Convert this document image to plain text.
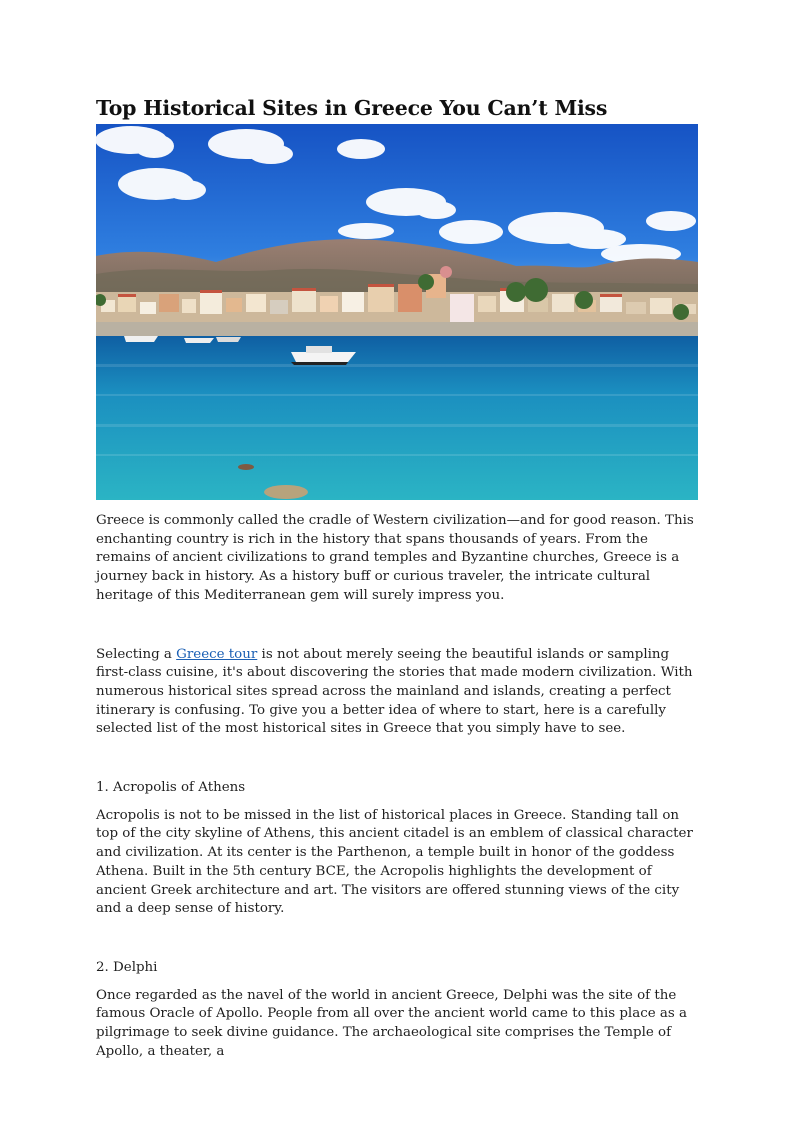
Top Historical Sites in Greece You Can’t Miss

Greece is commonly called the cradle of Western civilization—and for good reason. This enchanting country is rich in the history that spans thousands of years. From the remains of ancient civilizations to grand temples and Byzantine churches, Greece is a journey back in history. As a history buff or curious traveler, the intricate cultural heritage of this Mediterranean gem will surely impress you.

Selecting a Greece tour is not about merely seeing the beautiful islands or sampling first-class cuisine, it's about discovering the stories that made modern civilization. With numerous historical sites spread across the mainland and islands, creating a perfect itinerary is confusing. To give you a better idea of where to start, here is a carefully selected list of the most historical sites in Greece that you simply have to see.

1. Acropolis of Athens

Acropolis is not to be missed in the list of historical places in Greece. Standing tall on top of the city skyline of Athens, this ancient citadel is an emblem of classical character and civilization. At its center is the Parthenon, a temple built in honor of the goddess Athena. Built in the 5th century BCE, the Acropolis highlights the development of ancient Greek architecture and art. The visitors are offered stunning views of the city and a deep sense of history.

2. Delphi

Once regarded as the navel of the world in ancient Greece, Delphi was the site of the famous Oracle of Apollo. People from all over the ancient world came to this place as a pilgrimage to seek divine guidance. The archaeological site comprises the Temple of Apollo, a theater, a
